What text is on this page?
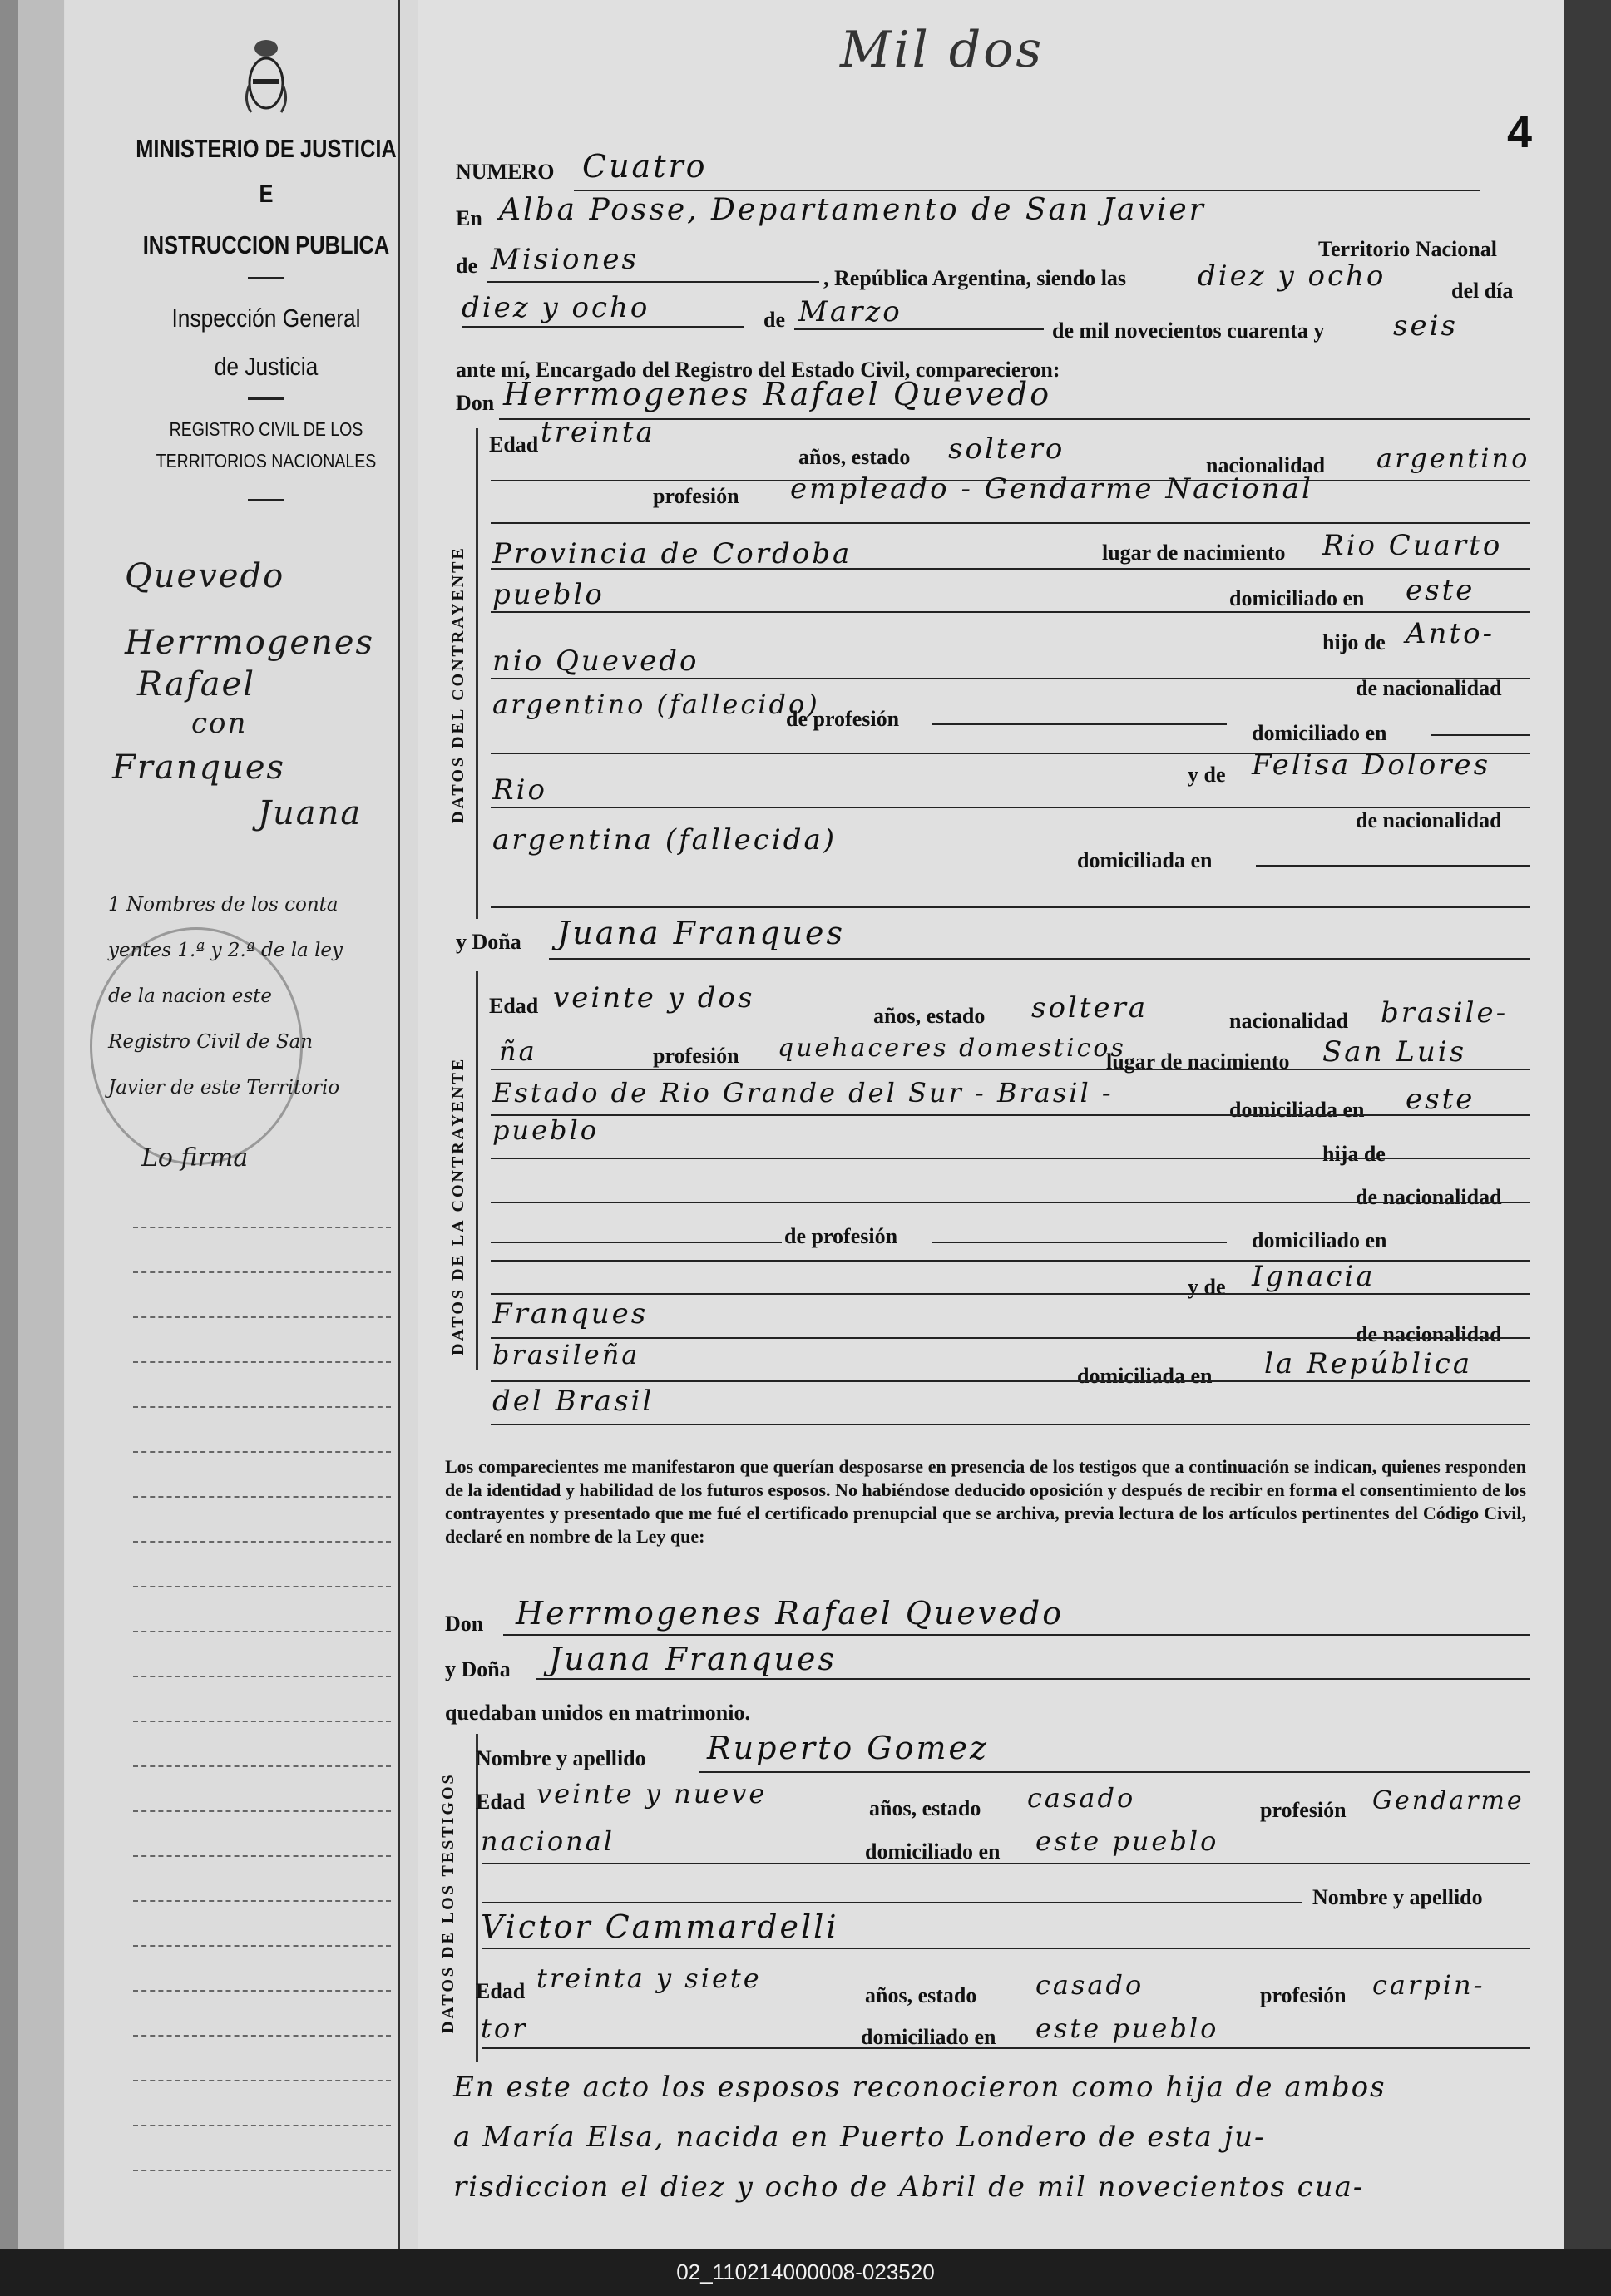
MINISTERIO DE JUSTICIA
E
INSTRUCCION PUBLICA
Inspección General
de Justicia
REGISTRO CIVIL DE LOS
TERRITORIOS NACIONALES
Quevedo
Herrmogenes
Rafael
con
Franques
Juana
1 Nombres de los conta
yentes 1.ª y 2.ª de la ley
de la nacion este
Registro Civil de San
Javier de este Territorio
Lo firma
Mil dos
4
NUMERO Cuatro
En Alba Posse, Departamento de San Javier
Territorio Nacional
de Misiones
, República Argentina, siendo las	diez y ocho	del día
diez y ocho	de Marzo
de mil novecientos cuarenta y seis
ante mí, Encargado del Registro del Estado Civil, comparecieron:
Don Herrmogenes Rafael Quevedo
DATOS DEL CONTRAYENTE
Edad treinta
años, estado soltero	nacionalidad argentino
profesión empleado - Gendarme Nacional
lugar de nacimiento Rio Cuarto
Provincia de Cordoba
pueblo	domiciliado en este
hijo de Anto-
nio Quevedo
de nacionalidad
argentino (fallecido)
de profesión
domiciliado en
y de Felisa Dolores
Rio
de nacionalidad
argentina (fallecida)
domiciliada en
y Doña Juana Franques
DATOS DE LA CONTRAYENTE
Edad veinte y dos
años, estado soltera	nacionalidad brasile-
ña	profesión quehaceres domesticos
lugar de nacimiento San Luis
Estado de Rio Grande del Sur - Brasil -
domiciliada en este
pueblo
hija de
de nacionalidad
de profesión	domiciliado en
y de Ignacia
Franques
de nacionalidad
brasileña
domiciliada en la República
del Brasil
Los comparecientes me manifestaron que querían desposarse en presencia de los testigos que a continuación se indican, quienes responden de la identidad y habilidad de los futuros esposos. No habiéndose deducido oposición y después de recibir en forma el consentimiento de los contrayentes y presentado que me fué el certificado prenupcial que se archiva, previa lectura de los artículos pertinentes del Código Civil, declaré en nombre de la Ley que:
Don Herrmogenes Rafael Quevedo
y Doña Juana Franques
quedaban unidos en matrimonio.
DATOS DE LOS TESTIGOS
Nombre y apellido Ruperto Gomez
Edad veinte y nueve	años, estado casado	profesión Gendarme
nacional	domiciliado en este pueblo
Nombre y apellido
Victor Cammardelli
Edad treinta y siete
años, estado casado	profesión carpin-
tor	domiciliado en este pueblo
En este acto los esposos reconocieron como hija de ambos
a María Elsa, nacida en Puerto Londero de esta ju-
risdiccion el diez y ocho de Abril de mil novecientos cua-
02_110214000008-023520
